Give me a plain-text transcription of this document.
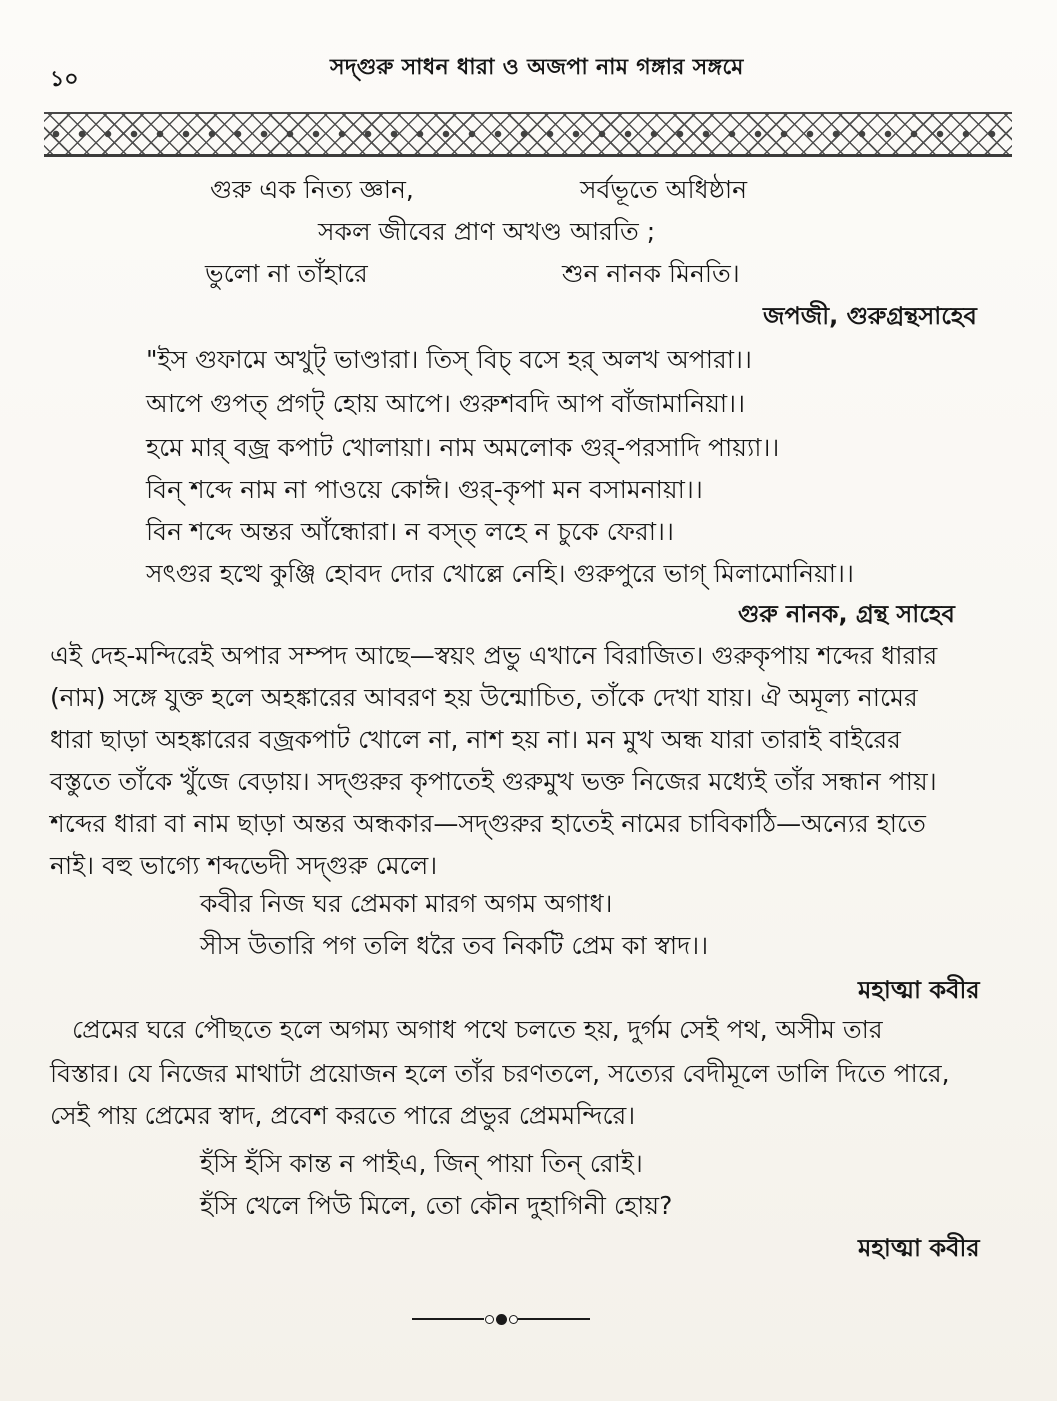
১০	সদ্গুরু সাধন ধারা ও অজপা নাম গঙ্গার সঙ্গমে
গুরু এক নিত্য জ্ঞান,	সর্বভূতে অধিষ্ঠান
সকল জীবের প্রাণ অখণ্ড আরতি ;
ভুলো না তাঁহারে	শুন নানক মিনতি।
জপজী, গুরুগ্রন্থসাহেব
"ইস গুফামে অখুট্ ভাণ্ডারা। তিস্ বিচ্ বসে হর্ অলখ অপারা।।
আপে গুপত্ প্রগট্ হোয় আপে। গুরুশবদি আপ বাঁজামানিয়া।।
হমে মার্ বজ্র কপাট খোলায়া। নাম অমলোক গুর্-পরসাদি পায়্যা।।
বিন্ শব্দে নাম না পাওয়ে কোঈ। গুর্-কৃপা মন বসামনায়া।।
বিন শব্দে অন্তর আঁন্ধোরা। ন বস্ত্ লহে ন চুকে ফেরা।।
সৎগুর হত্থে কুঞ্জি হোবদ দোর খোল্লে নেহি। গুরুপুরে ভাগ্ মিলামোনিয়া।।
গুরু নানক, গ্রন্থ সাহেব
এই দেহ-মন্দিরেই অপার সম্পদ আছে—স্বয়ং প্রভু এখানে বিরাজিত। গুরুকৃপায় শব্দের ধারার
(নাম) সঙ্গে যুক্ত হলে অহঙ্কারের আবরণ হয় উন্মোচিত, তাঁকে দেখা যায়। ঐ অমূল্য নামের
ধারা ছাড়া অহঙ্কারের বজ্রকপাট খোলে না, নাশ হয় না। মন মুখ অন্ধ যারা তারাই বাইরের
বস্তুতে তাঁকে খুঁজে বেড়ায়। সদ্গুরুর কৃপাতেই গুরুমুখ ভক্ত নিজের মধ্যেই তাঁর সন্ধান পায়।
শব্দের ধারা বা নাম ছাড়া অন্তর অন্ধকার—সদ্গুরুর হাতেই নামের চাবিকাঠি—অন্যের হাতে
নাই। বহু ভাগ্যে শব্দভেদী সদ্গুরু মেলে।
কবীর নিজ ঘর প্রেমকা মারগ অগম অগাধ।
সীস উতারি পগ তলি ধরৈ তব নিকটি প্রেম কা স্বাদ।।
মহাত্মা কবীর
প্রেমের ঘরে পৌছতে হলে অগম্য অগাধ পথে চলতে হয়, দুর্গম সেই পথ, অসীম তার
বিস্তার। যে নিজের মাথাটা প্রয়োজন হলে তাঁর চরণতলে, সত্যের বেদীমূলে ডালি দিতে পারে,
সেই পায় প্রেমের স্বাদ, প্রবেশ করতে পারে প্রভুর প্রেমমন্দিরে।
হঁসি হঁসি কান্ত ন পাইএ, জিন্ পায়া তিন্ রোই।
হঁসি খেলে পিউ মিলে, তো কৌন দুহাগিনী হোয়?
মহাত্মা কবীর
